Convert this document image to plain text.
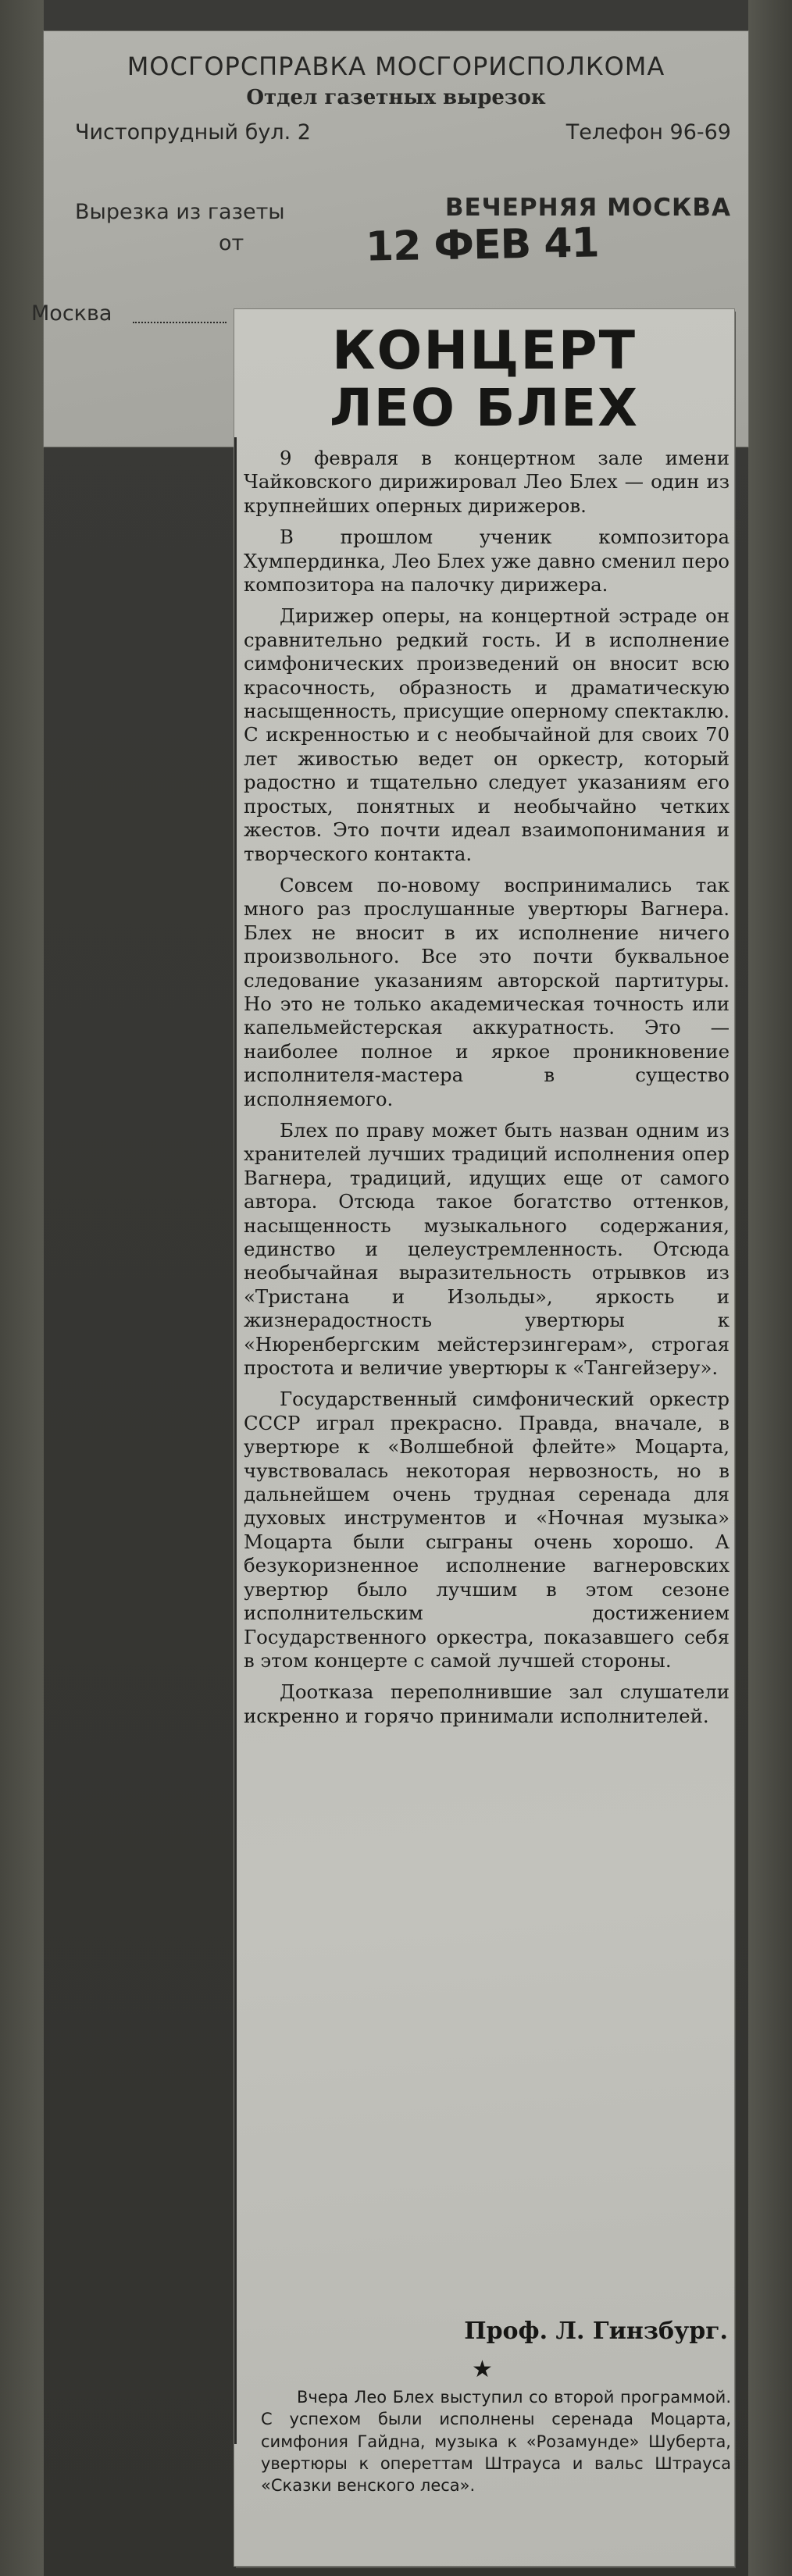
МОСГОРСПРАВКА МОСГОРИСПОЛКОМА
Отдел газетных вырезок
Чистопрудный бул. 2	Телефон 96-69
Вырезка из газеты	ВЕЧЕРНЯЯ МОСКВА
от
Москва
12 ФЕВ 41
КОНЦЕРТ
ЛЕО БЛЕХ

9 февраля в концертном зале имени Чайковского дирижировал Лео Блех — один из крупнейших оперных дирижеров.

В прошлом ученик композитора Хумпердинка, Лео Блех уже давно сменил перо композитора на палочку дирижера.

Дирижер оперы, на концертной эстраде он сравнительно редкий гость. И в исполнение симфонических произведений он вносит всю красочность, образность и драматическую насыщенность, присущие оперному спектаклю. С искренностью и с необычайной для своих 70 лет живостью ведет он оркестр, который радостно и тщательно следует указаниям его простых, понятных и необычайно четких жестов. Это почти идеал взаимопонимания и творческого контакта.

Совсем по-новому воспринимались так много раз прослушанные увертюры Вагнера. Блех не вносит в их исполнение ничего произвольного. Все это почти буквальное следование указаниям авторской партитуры. Но это не только академическая точность или капельмейстерская аккуратность. Это — наиболее полное и яркое проникновение исполнителя-мастера в существо исполняемого.

Блех по праву может быть назван одним из хранителей лучших традиций исполнения опер Вагнера, традиций, идущих еще от самого автора. Отсюда такое богатство оттенков, насыщенность музыкального содержания, единство и целеустремленность. Отсюда необычайная выразительность отрывков из «Тристана и Изольды», яркость и жизнерадостность увертюры к «Нюренбергским мейстерзингерам», строгая простота и величие увертюры к «Тангейзеру».

Государственный симфонический оркестр СССР играл прекрасно. Правда, вначале, в увертюре к «Волшебной флейте» Моцарта, чувствовалась некоторая нервозность, но в дальнейшем очень трудная серенада для духовых инструментов и «Ночная музыка» Моцарта были сыграны очень хорошо. А безукоризненное исполнение вагнеровских увертюр было лучшим в этом сезоне исполнительским достижением Государственного оркестра, показавшего себя в этом концерте с самой лучшей стороны.

Доотказа переполнившие зал слушатели искренно и горячо принимали исполнителей.

Проф. Л. Гинзбург.
★

Вчера Лео Блех выступил со второй программой. С успехом были исполнены серенада Моцарта, симфония Гайдна, музыка к «Розамунде» Шуберта, увертюры к опереттам Штрауса и вальс Штрауса «Сказки венского леса».
